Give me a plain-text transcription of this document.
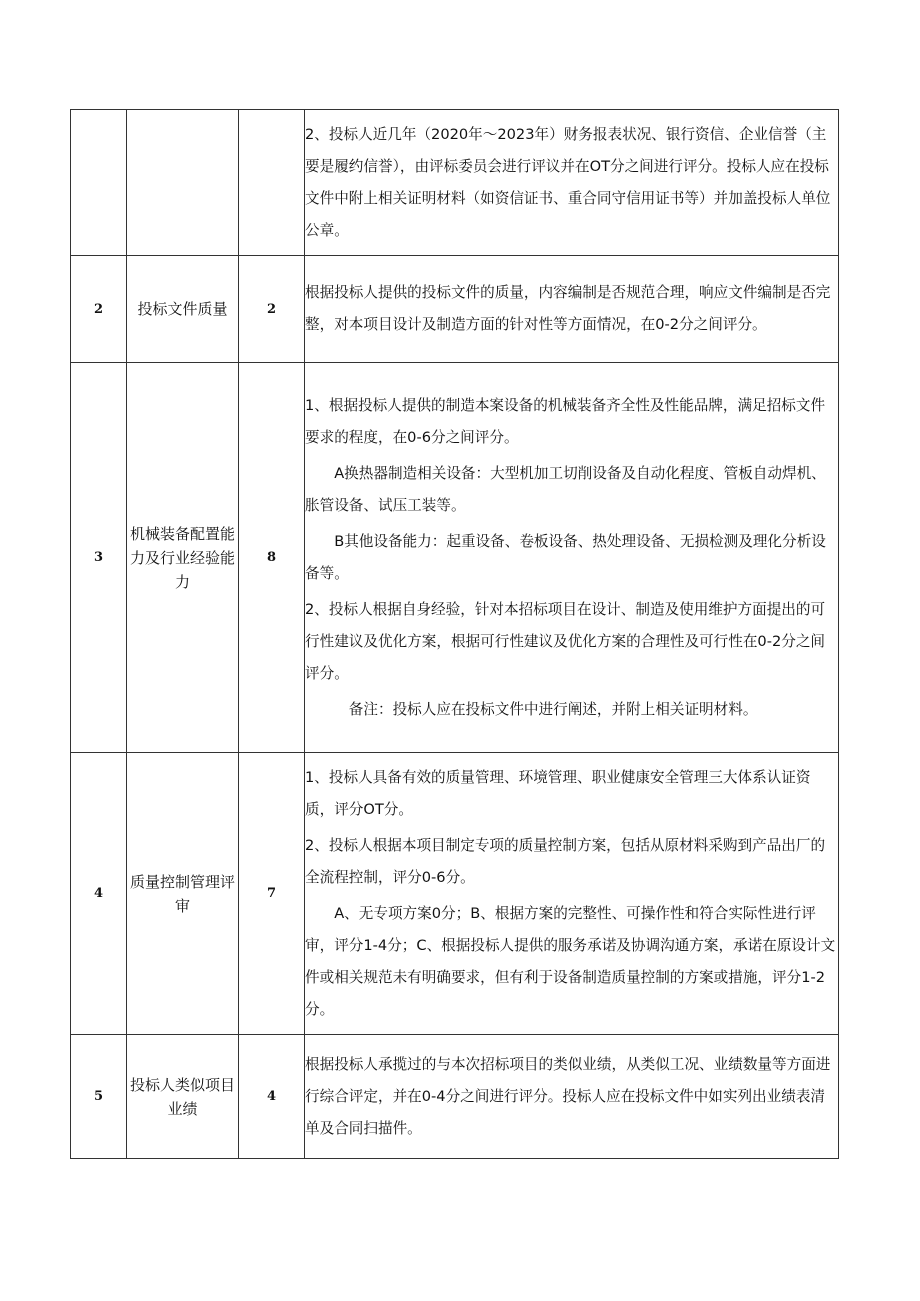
			2、投标人近几年（2020年～2023年）财务报表状况、银行资信、企业信誉（主要是履约信誉），由评标委员会进行评议并在OT分之间进行评分。投标人应在投标文件中附上相关证明材料（如资信证书、重合同守信用证书等）并加盖投标人单位公章。

2	投标文件质量	2	根据投标人提供的投标文件的质量，内容编制是否规范合理，响应文件编制是否完整，对本项目设计及制造方面的针对性等方面情况，在0-2分之间评分。

3	机械装备配置能力及行业经验能力	8	1、根据投标人提供的制造本案设备的机械装备齐全性及性能品牌，满足招标文件要求的程度，在0-6分之间评分。

A换热器制造相关设备：大型机加工切削设备及自动化程度、管板自动焊机、胀管设备、试压工装等。

B其他设备能力：起重设备、卷板设备、热处理设备、无损检测及理化分析设备等。

2、投标人根据自身经验，针对本招标项目在设计、制造及使用维护方面提出的可行性建议及优化方案，根据可行性建议及优化方案的合理性及可行性在0-2分之间评分。

备注：投标人应在投标文件中进行阐述，并附上相关证明材料。

4	质量控制管理评审	7	1、投标人具备有效的质量管理、环境管理、职业健康安全管理三大体系认证资质，评分OT分。

2、投标人根据本项目制定专项的质量控制方案，包括从原材料采购到产品出厂的全流程控制，评分0-6分。

A、无专项方案0分；B、根据方案的完整性、可操作性和符合实际性进行评审，评分1-4分；C、根据投标人提供的服务承诺及协调沟通方案，承诺在原设计文件或相关规范未有明确要求，但有利于设备制造质量控制的方案或措施，评分1-2分。

5	投标人类似项目业绩	4	根据投标人承揽过的与本次招标项目的类似业绩，从类似工况、业绩数量等方面进行综合评定，并在0-4分之间进行评分。投标人应在投标文件中如实列出业绩表清单及合同扫描件。
